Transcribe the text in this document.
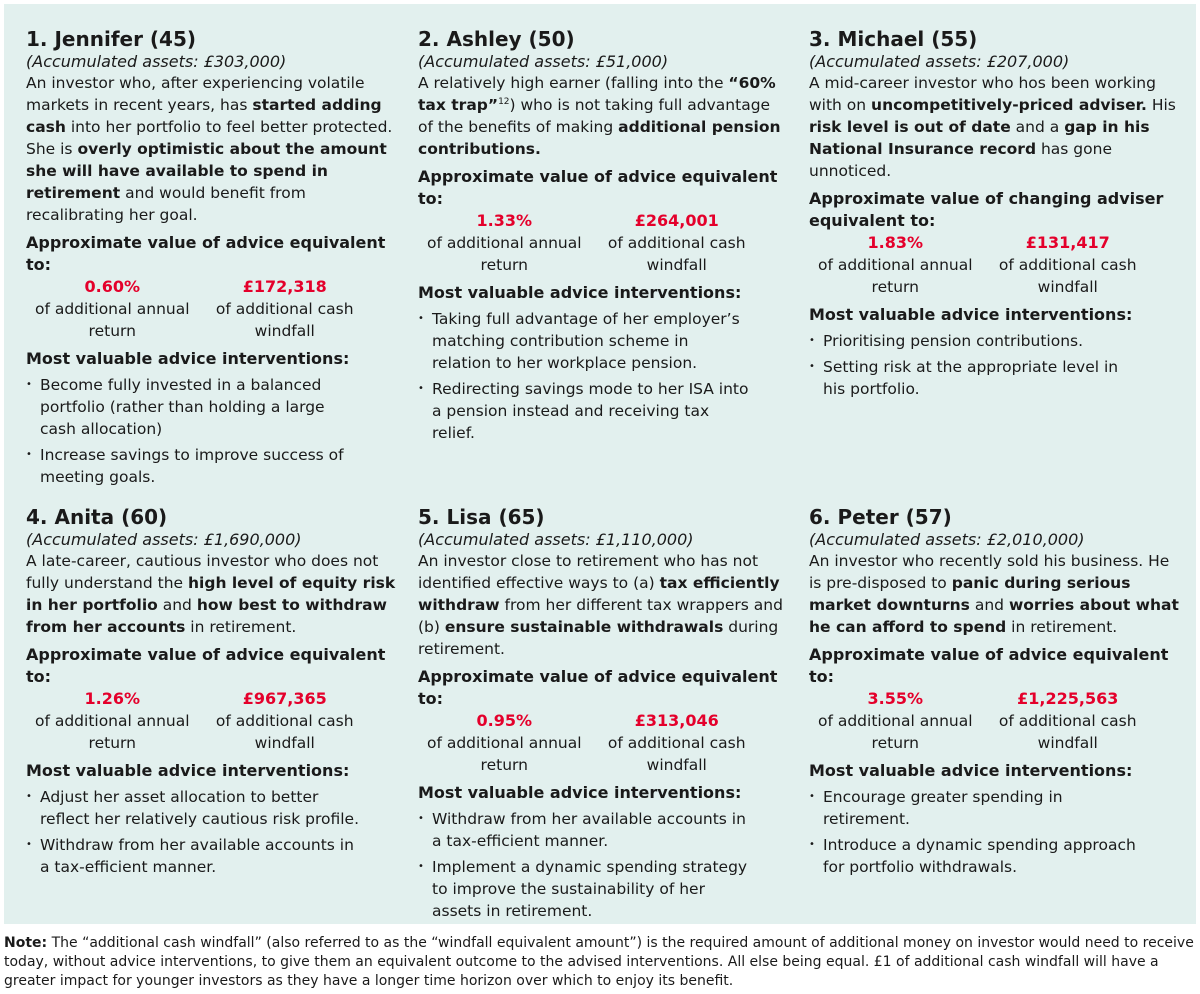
1. Jennifer (45)
(Accumulated assets: £303,000)

An investor who, after experiencing volatile markets in recent years, has started adding cash into her portfolio to feel better protected. She is overly optimistic about the amount she will have available to spend in retirement and would benefit from recalibrating her goal.

Approximate value of advice equivalent to:
0.60%
of additional annual return
£172,318
of additional cash windfall
Most valuable advice interventions:
• Become fully invested in a balanced portfolio (rather than holding a large cash allocation)
• Increase savings to improve success of meeting goals.
2. Ashley (50)
(Accumulated assets: £51,000)

A relatively high earner (falling into the “60% tax trap”$^{12}$) who is not taking full advantage of the benefits of making additional pension contributions.

Approximate value of advice equivalent to:
1.33%
of additional annual return
£264,001
of additional cash windfall
Most valuable advice interventions:
• Taking full advantage of her employer’s matching contribution scheme in relation to her workplace pension.
• Redirecting savings mode to her ISA into a pension instead and receiving tax relief.
3. Michael (55)
(Accumulated assets: £207,000)

A mid-career investor who hos been working with on uncompetitively-priced adviser. His risk level is out of date and a gap in his National Insurance record has gone unnoticed.

Approximate value of changing adviser equivalent to:
1.83%
of additional annual return
£131,417
of additional cash windfall
Most valuable advice interventions:
• Prioritising pension contributions.
• Setting risk at the appropriate level in his portfolio.
4. Anita (60)
(Accumulated assets: £1,690,000)

A late-career, cautious investor who does not fully understand the high level of equity risk in her portfolio and how best to withdraw from her accounts in retirement.

Approximate value of advice equivalent to:
1.26%
of additional annual return
£967,365
of additional cash windfall
Most valuable advice interventions:
• Adjust her asset allocation to better reflect her relatively cautious risk profile.
• Withdraw from her available accounts in a tax-efficient manner.
5. Lisa (65)
(Accumulated assets: £1,110,000)

An investor close to retirement who has not identified effective ways to (a) tax efficiently withdraw from her different tax wrappers and (b) ensure sustainable withdrawals during retirement.

Approximate value of advice equivalent to:
0.95%
of additional annual return
£313,046
of additional cash windfall
Most valuable advice interventions:
• Withdraw from her available accounts in a tax-efficient manner.
• Implement a dynamic spending strategy to improve the sustainability of her assets in retirement.
6. Peter (57)
(Accumulated assets: £2,010,000)

An investor who recently sold his business. He is pre-disposed to panic during serious market downturns and worries about what he can afford to spend in retirement.

Approximate value of advice equivalent to:
3.55%
of additional annual return
£1,225,563
of additional cash windfall
Most valuable advice interventions:
• Encourage greater spending in retirement.
• Introduce a dynamic spending approach for portfolio withdrawals.
Note: The “additional cash windfall” (also referred to as the “windfall equivalent amount”) is the required amount of additional money on investor would need to receive today, without advice interventions, to give them an equivalent outcome to the advised interventions. All else being equal. £1 of additional cash windfall will have a greater impact for younger investors as they have a longer time horizon over which to enjoy its benefit.
